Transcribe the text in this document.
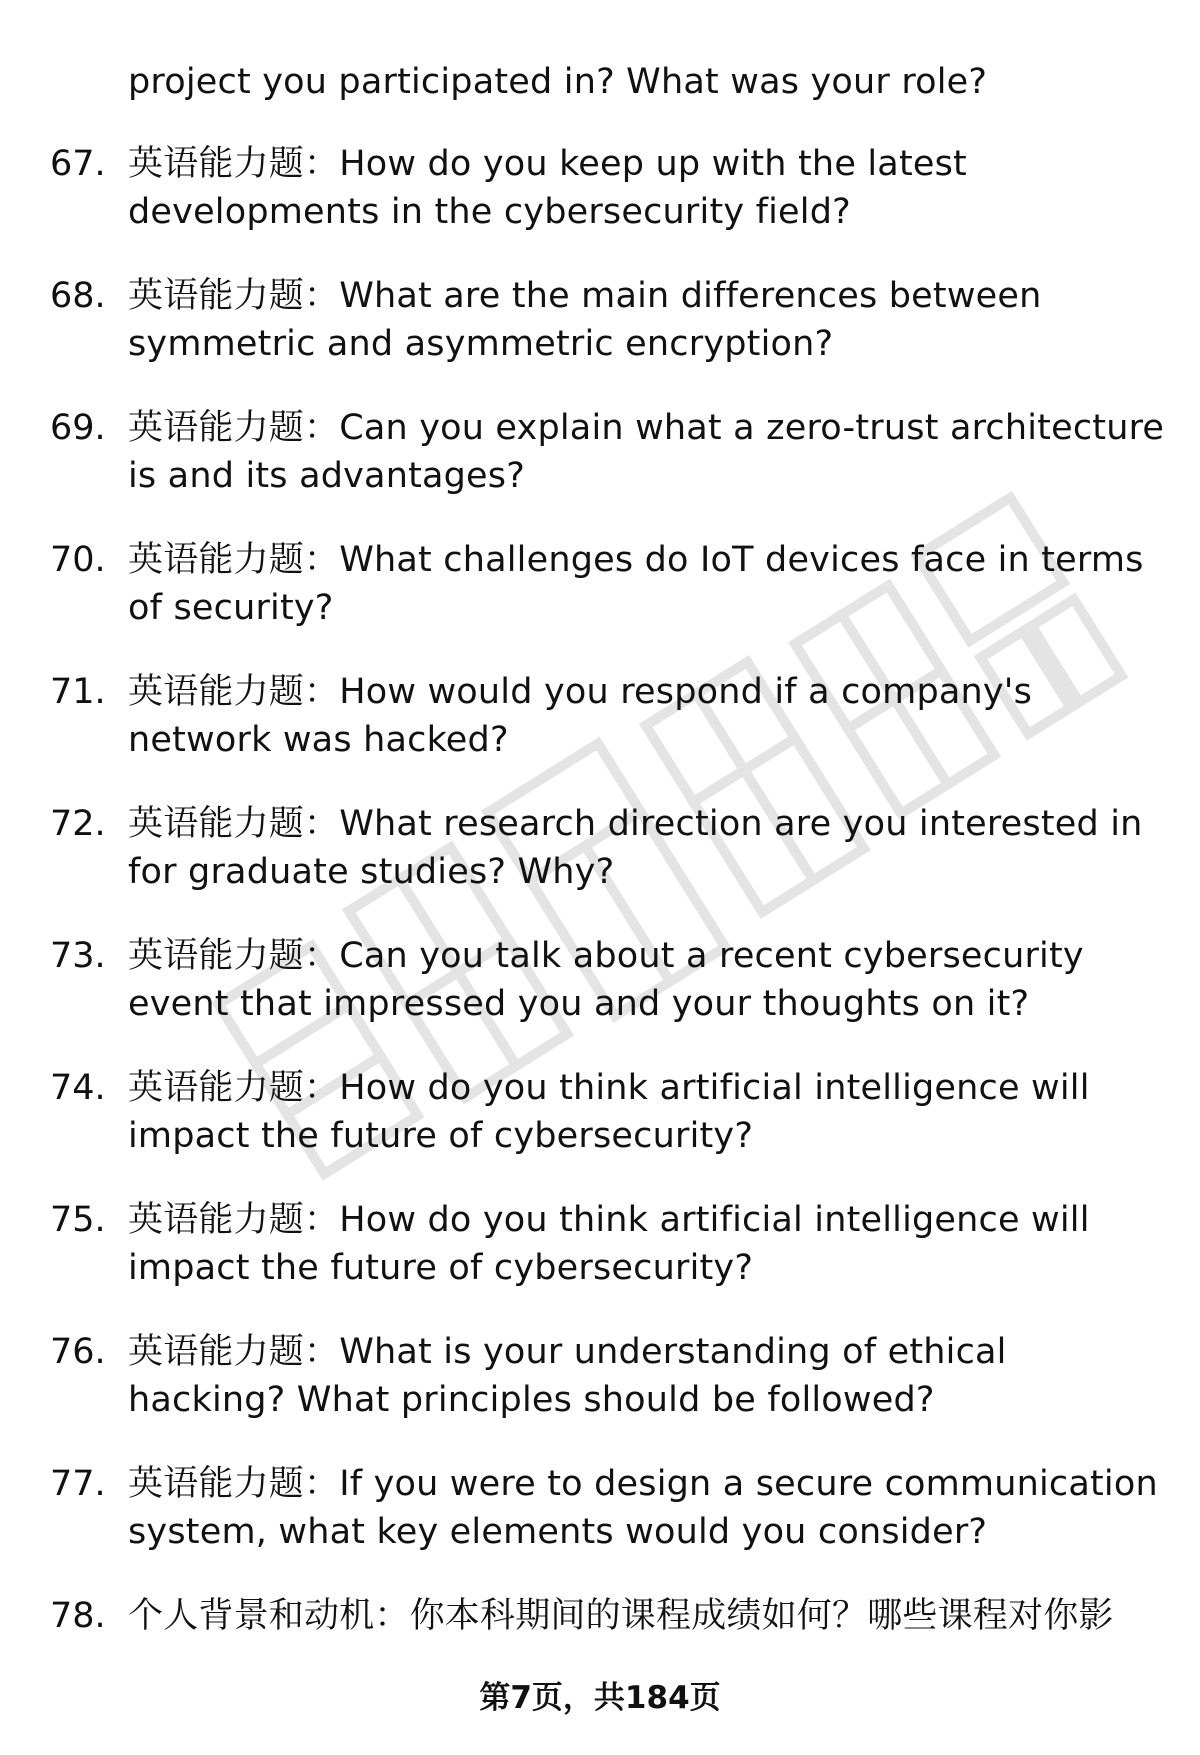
project you participated in? What was your role?
67. 英语能力题：How do you keep up with the latest developments in the cybersecurity field?
68. 英语能力题：What are the main differences between symmetric and asymmetric encryption?
69. 英语能力题：Can you explain what a zero-trust architecture is and its advantages?
70. 英语能力题：What challenges do IoT devices face in terms of security?
71. 英语能力题：How would you respond if a company's network was hacked?
72. 英语能力题：What research direction are you interested in for graduate studies? Why?
73. 英语能力题：Can you talk about a recent cybersecurity event that impressed you and your thoughts on it?
74. 英语能力题：How do you think artificial intelligence will impact the future of cybersecurity?
75. 英语能力题：How do you think artificial intelligence will impact the future of cybersecurity?
76. 英语能力题：What is your understanding of ethical hacking? What principles should be followed?
77. 英语能力题：If you were to design a secure communication system, what key elements would you consider?
78. 个人背景和动机：你本科期间的课程成绩如何？哪些课程对你影
第7页，共184页
